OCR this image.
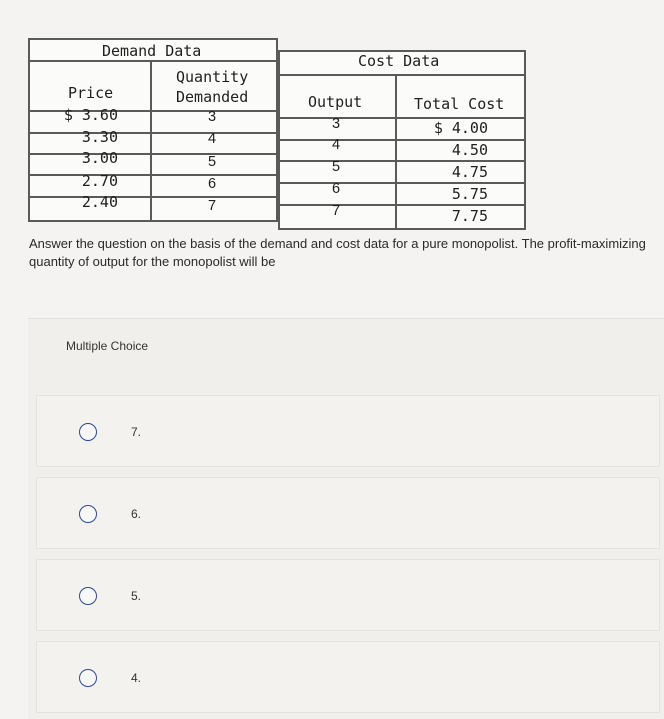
Demand Data
Cost Data
Price
Quantity
Demanded	Output	Total Cost
$ 3.60
3.30
3.00
2.70
2.40
3
4
5
6
7
3
4
5
6
7
$ 4.00
4.50
4.75
5.75
7.75
Answer the question on the basis of the demand and cost data for a pure monopolist. The profit-maximizing quantity of output for the monopolist will be
Multiple Choice
7.
6.
5.
4.
